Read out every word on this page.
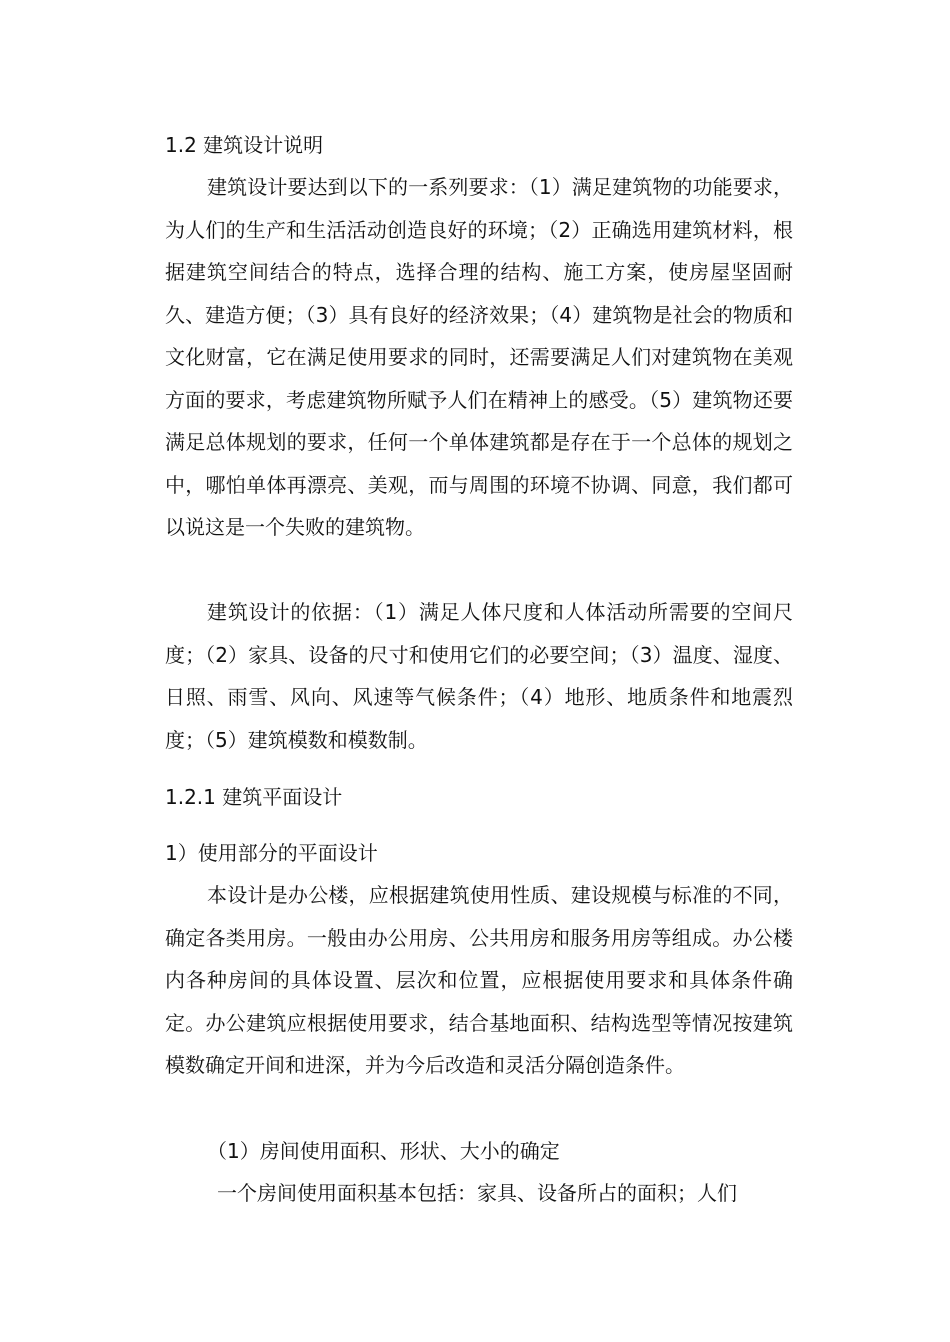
1.2 建筑设计说明

建筑设计要达到以下的一系列要求：（1）满足建筑物的功能要求，为人们的生产和生活活动创造良好的环境；（2）正确选用建筑材料，根据建筑空间结合的特点，选择合理的结构、施工方案，使房屋坚固耐久、建造方便；（3）具有良好的经济效果；（4）建筑物是社会的物质和文化财富，它在满足使用要求的同时，还需要满足人们对建筑物在美观方面的要求，考虑建筑物所赋予人们在精神上的感受。（5）建筑物还要满足总体规划的要求，任何一个单体建筑都是存在于一个总体的规划之中，哪怕单体再漂亮、美观，而与周围的环境不协调、同意，我们都可以说这是一个失败的建筑物。

建筑设计的依据：（1）满足人体尺度和人体活动所需要的空间尺度；（2）家具、设备的尺寸和使用它们的必要空间；（3）温度、湿度、日照、雨雪、风向、风速等气候条件；（4）地形、地质条件和地震烈度；（5）建筑模数和模数制。

1.2.1 建筑平面设计
1）使用部分的平面设计

本设计是办公楼，应根据建筑使用性质、建设规模与标准的不同，确定各类用房。一般由办公用房、公共用房和服务用房等组成。办公楼内各种房间的具体设置、层次和位置，应根据使用要求和具体条件确定。办公建筑应根据使用要求，结合基地面积、结构选型等情况按建筑模数确定开间和进深，并为今后改造和灵活分隔创造条件。

（1）房间使用面积、形状、大小的确定
一个房间使用面积基本包括：家具、设备所占的面积；人们
